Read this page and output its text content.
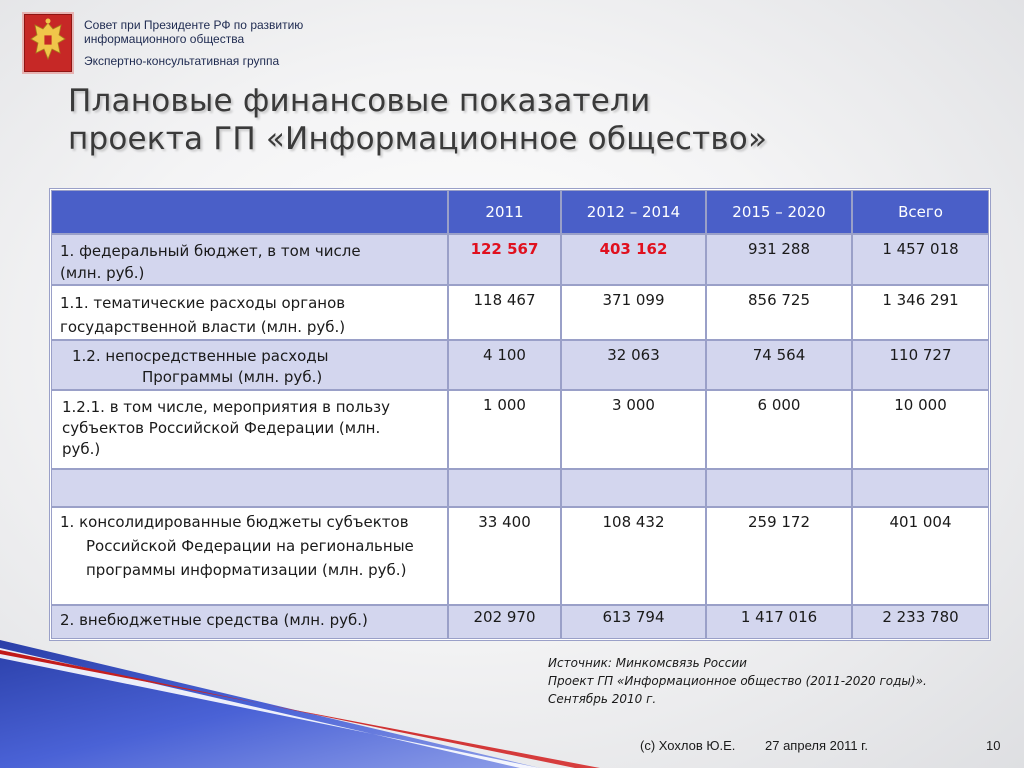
Совет при Президенте РФ по развитию
информационного общества
Экспертно-консультативная группа
Плановые финансовые показатели
проекта ГП «Информационное общество»
	2011	2012 – 2014	2015 – 2020	Всего

1. федеральный бюджет, в том числе
(млн. руб.)	122 567	403 162	931 288	1 457 018

1.1. тематические расходы органов
государственной власти (млн. руб.)	118 467	371 099	856 725	1 346 291

1.2. непосредственные расходы
Программы (млн. руб.)	4 100	32 063	74 564	110 727

1.2.1. в том числе, мероприятия в пользу
субъектов Российской Федерации (млн.
руб.)	1 000	3 000	6 000	10 000

1. консолидированные бюджеты субъектов
Российской Федерации на региональные
программы информатизации (млн. руб.)	33 400	108 432	259 172	401 004

2. внебюджетные средства (млн. руб.)	202 970	613 794	1 417 016	2 233 780
Источник: Минкомсвязь России
Проект ГП «Информационное общество (2011-2020 годы)».
Сентябрь 2010 г.
(c) Хохлов Ю.Е. 27 апреля 2011 г.	10
